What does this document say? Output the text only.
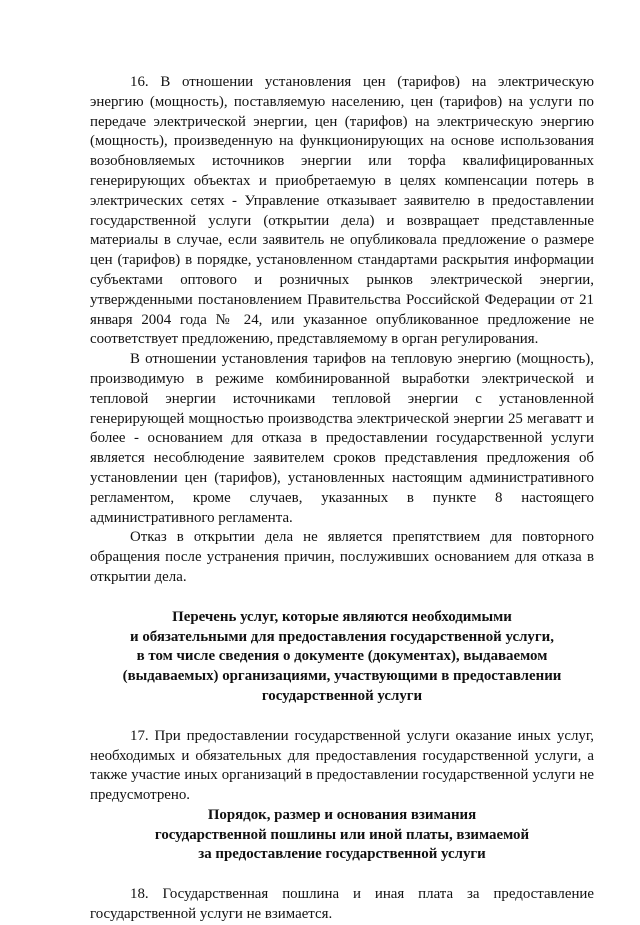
16. В отношении установления цен (тарифов) на электрическую энергию (мощность), поставляемую населению, цен (тарифов) на услуги по передаче электрической энергии, цен (тарифов) на электрическую энергию (мощность), произведенную на функционирующих на основе использования возобновляемых источников энергии или торфа квалифицированных генерирующих объектах и приобретаемую в целях компенсации потерь в электрических сетях - Управление отказывает заявителю в предоставлении государственной услуги (открытии дела) и возвращает представленные материалы в случае, если заявитель не опубликовала предложение о размере цен (тарифов) в порядке, установленном стандартами раскрытия информации субъектами оптового и розничных рынков электрической энергии, утвержденными постановлением Правительства Российской Федерации от 21 января 2004 года № 24, или указанное опубликованное предложение не соответствует предложению, представляемому в орган регулирования.

В отношении установления тарифов на тепловую энергию (мощность), производимую в режиме комбинированной выработки электрической и тепловой энергии источниками тепловой энергии с установленной генерирующей мощностью производства электрической энергии 25 мегаватт и более - основанием для отказа в предоставлении государственной услуги является несоблюдение заявителем сроков представления предложения об установлении цен (тарифов), установленных настоящим административного регламентом, кроме случаев, указанных в пункте 8 настоящего административного регламента.

Отказ в открытии дела не является препятствием для повторного обращения после устранения причин, послуживших основанием для отказа в открытии дела.

Перечень услуг, которые являются необходимыми
и обязательными для предоставления государственной услуги,
в том числе сведения о документе (документах), выдаваемом
(выдаваемых) организациями, участвующими в предоставлении
государственной услуги

17. При предоставлении государственной услуги оказание иных услуг, необходимых и обязательных для предоставления государственной услуги, а также участие иных организаций в предоставлении государственной услуги не предусмотрено.

Порядок, размер и основания взимания
государственной пошлины или иной платы, взимаемой
за предоставление государственной услуги

18. Государственная пошлина и иная плата за предоставление государственной услуги не взимается.
